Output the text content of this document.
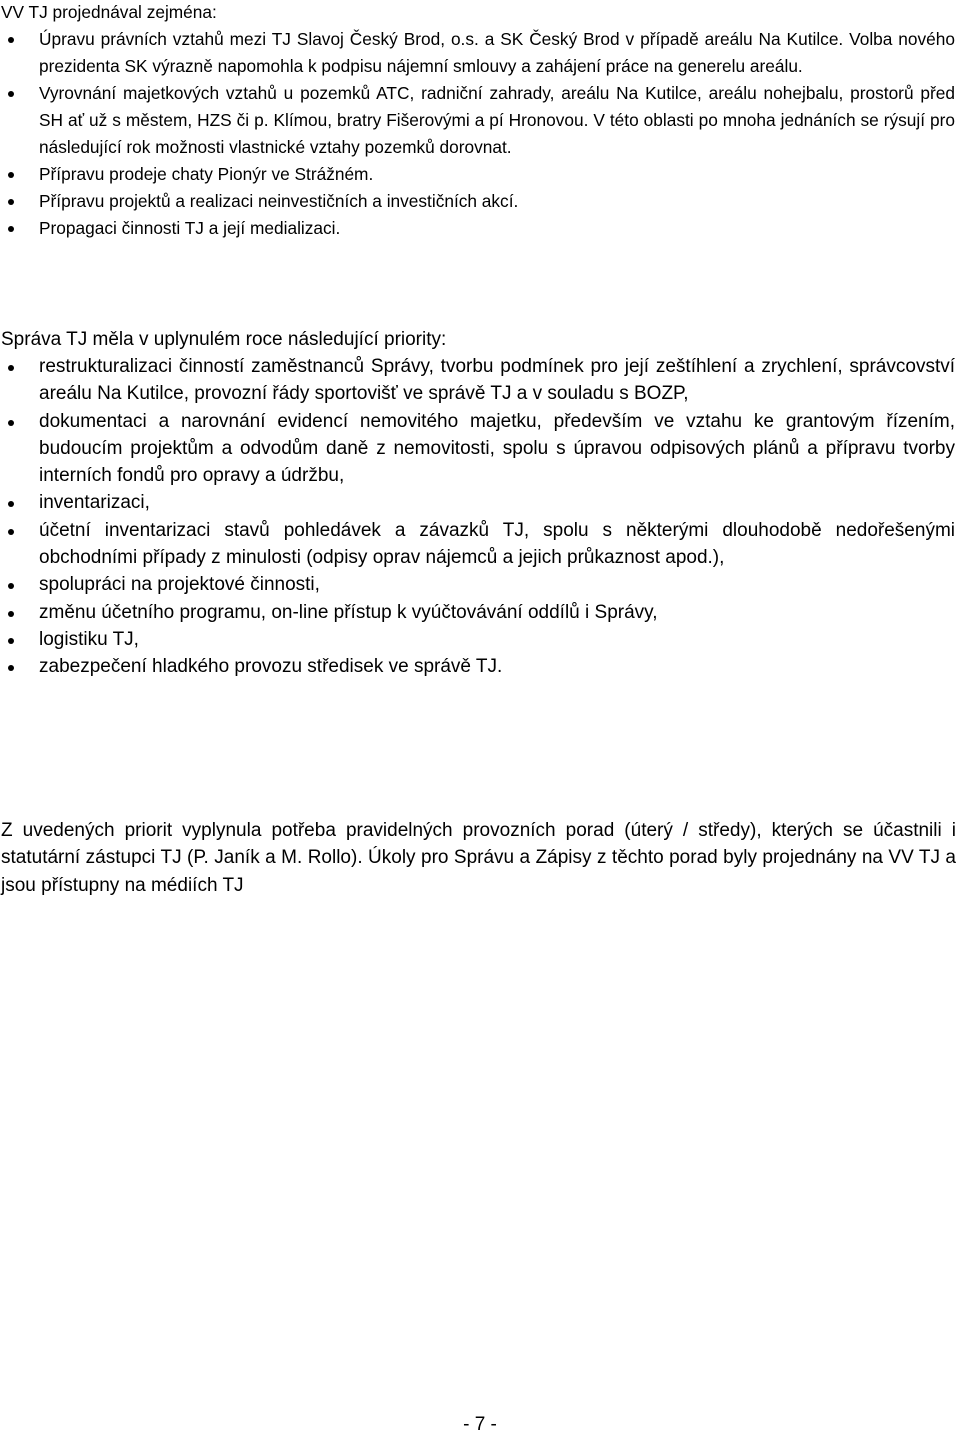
VV TJ projednával zejména:

Úpravu právních vztahů mezi TJ Slavoj Český Brod, o.s. a SK Český Brod v případě areálu Na Kutilce. Volba nového prezidenta SK výrazně napomohla k podpisu nájemní smlouvy a zahájení práce na generelu areálu.
Vyrovnání majetkových vztahů u pozemků ATC, radniční zahrady, areálu Na Kutilce, areálu nohejbalu, prostorů před SH ať už s městem, HZS či p. Klímou, bratry Fišerovými a pí Hronovou. V této oblasti po mnoha jednáních se rýsují pro následující rok možnosti vlastnické vztahy pozemků dorovnat.
Přípravu prodeje chaty Pionýr ve Strážném.
Přípravu projektů a realizaci neinvestičních a investičních akcí.
Propagaci činnosti TJ a její medializaci.

Správa TJ měla v uplynulém roce následující priority:

restrukturalizaci činností zaměstnanců Správy, tvorbu podmínek pro její zeštíhlení a zrychlení, správcovství areálu Na Kutilce, provozní řády sportovišť ve správě TJ a v souladu s BOZP,
dokumentaci a narovnání evidencí nemovitého majetku, především ve vztahu ke grantovým řízením, budoucím projektům a odvodům daně z nemovitosti, spolu s úpravou odpisových plánů a přípravu tvorby interních fondů pro opravy a údržbu,
inventarizaci,
účetní inventarizaci stavů pohledávek a závazků TJ, spolu s některými dlouhodobě nedořešenými obchodními případy z minulosti (odpisy oprav nájemců a jejich průkaznost apod.),
spolupráci na projektové činnosti,
změnu účetního programu, on-line přístup k vyúčtovávání oddílů i Správy,
logistiku TJ,
zabezpečení hladkého provozu středisek ve správě TJ.

Z uvedených priorit vyplynula potřeba pravidelných provozních porad (úterý / středy), kterých se účastnili i statutární zástupci TJ (P. Janík a M. Rollo). Úkoly pro Správu a Zápisy z těchto porad byly projednány na VV TJ a jsou přístupny na médiích TJ

- 7 -
